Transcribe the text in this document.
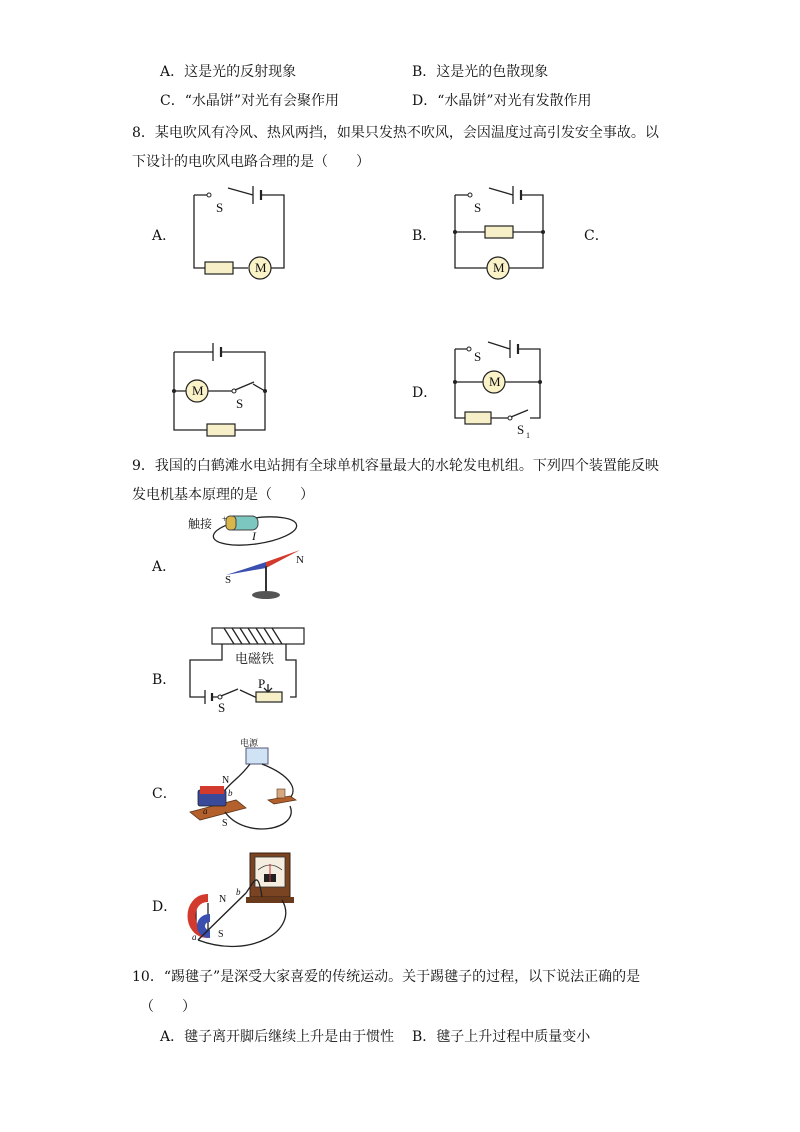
A．这是光的反射现象	B．这是光的色散现象
C．“水晶饼”对光有会聚作用	D．“水晶饼”对光有发散作用
8．某电吹风有冷风、热风两挡，如果只发热不吹风，会因温度过高引发安全事故。以
下设计的电吹风电路合理的是（　　）
A．	B．	C．
D．
M
S
M
S
M
S
M
S
S 1
9．我国的白鹤滩水电站拥有全球单机容量最大的水轮发电机组。下列四个装置能反映
发电机基本原理的是（　　）
A．
B．
C．
D．
触接 +
I
N
S
电磁铁
P
S
电源
N
S
b
a
N
S
a
b
10．“踢毽子”是深受大家喜爱的传统运动。关于踢毽子的过程，以下说法正确的是
（　　）
A．毽子离开脚后继续上升是由于惯性 B．毽子上升过程中质量变小
